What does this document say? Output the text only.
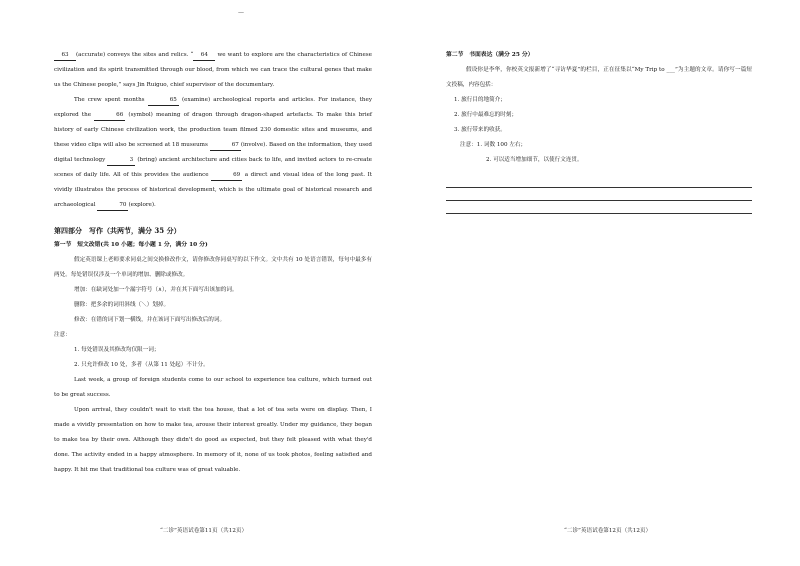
—

63 (accurate) conveys the sites and relics. “ 64 we want to explore are the characteristics of Chinese civilization and its spirit transmitted through our blood, from which we can trace the cultural genes that make us the Chinese people,” says Jin Ruiguo, chief supervisor of the documentary.

The crew spent months	65 (examine) archeological reports and articles. For instance, they explored the	66 (symbol) meaning of dragon through dragon-shaped artefacts. To make this brief history of early Chinese civilization work, the production team filmed 230 domestic sites and museums, and these video clips will also be screened at 18 museums	67 (involve). Based on the information, they used digital technology	3 (bring) ancient architecture and cities back to life, and invited actors to re-create scenes of daily life. All of this provides the audience	69 a direct and visual idea of the long past. It vividly illustrates the process of historical development, which is the ultimate goal of historical research and archaeological	70 (explore).

第四部分　写作（共两节，满分 35 分）
第一节　短文改错(共 10 小题；每小题 1 分，满分 10 分)

假定英语课上老师要求同桌之间交换修改作文，请你修改你同桌写的以下作文。文中共有 10 处语言错误，每句中最多有两处。每处错误仅涉及一个单词的增加、删除或修改。

增加：在缺词处加一个漏字符号（∧），并在其下面写出该加的词。
删除：把多余的词用斜线（＼）划掉。
修改：在错的词下划一横线，并在该词下面写出修改后的词。
注意：
1. 每处错误及其修改均仅限一词；
2. 只允许修改 10 处，多者（从第 11 处起）不计分。

Last week, a group of foreign students come to our school to experience tea culture, which turned out to be great success.

Upon arrival, they couldn't wait to visit the tea house, that a lot of tea sets were on display. Then, I made a vividly presentation on how to make tea, arouse their interest greatly. Under my guidance, they began to make tea by their own. Although they didn't do good as expected, but they felt pleased with what they'd done. The activity ended in a happy atmosphere. In memory of it, none of us took photos, feeling satisfied and happy. It hit me that traditional tea culture was of great valuable.

第二节　书面表达（满分 25 分）

假设你是李华，你校英文报新增了“寻访华夏”的栏目，正在征集以“My Trip to ___”为主题的文章。请你写一篇短文投稿，内容包括：

1. 旅行目的地简介；
2. 旅行中最难忘的时刻；
3. 旅行带来的收获。
注意：1. 词数 100 左右；
2. 可以适当增加细节，以使行文连贯。
“二诊”英语试卷第11页（共12页）	“二诊”英语试卷第12页（共12页）
